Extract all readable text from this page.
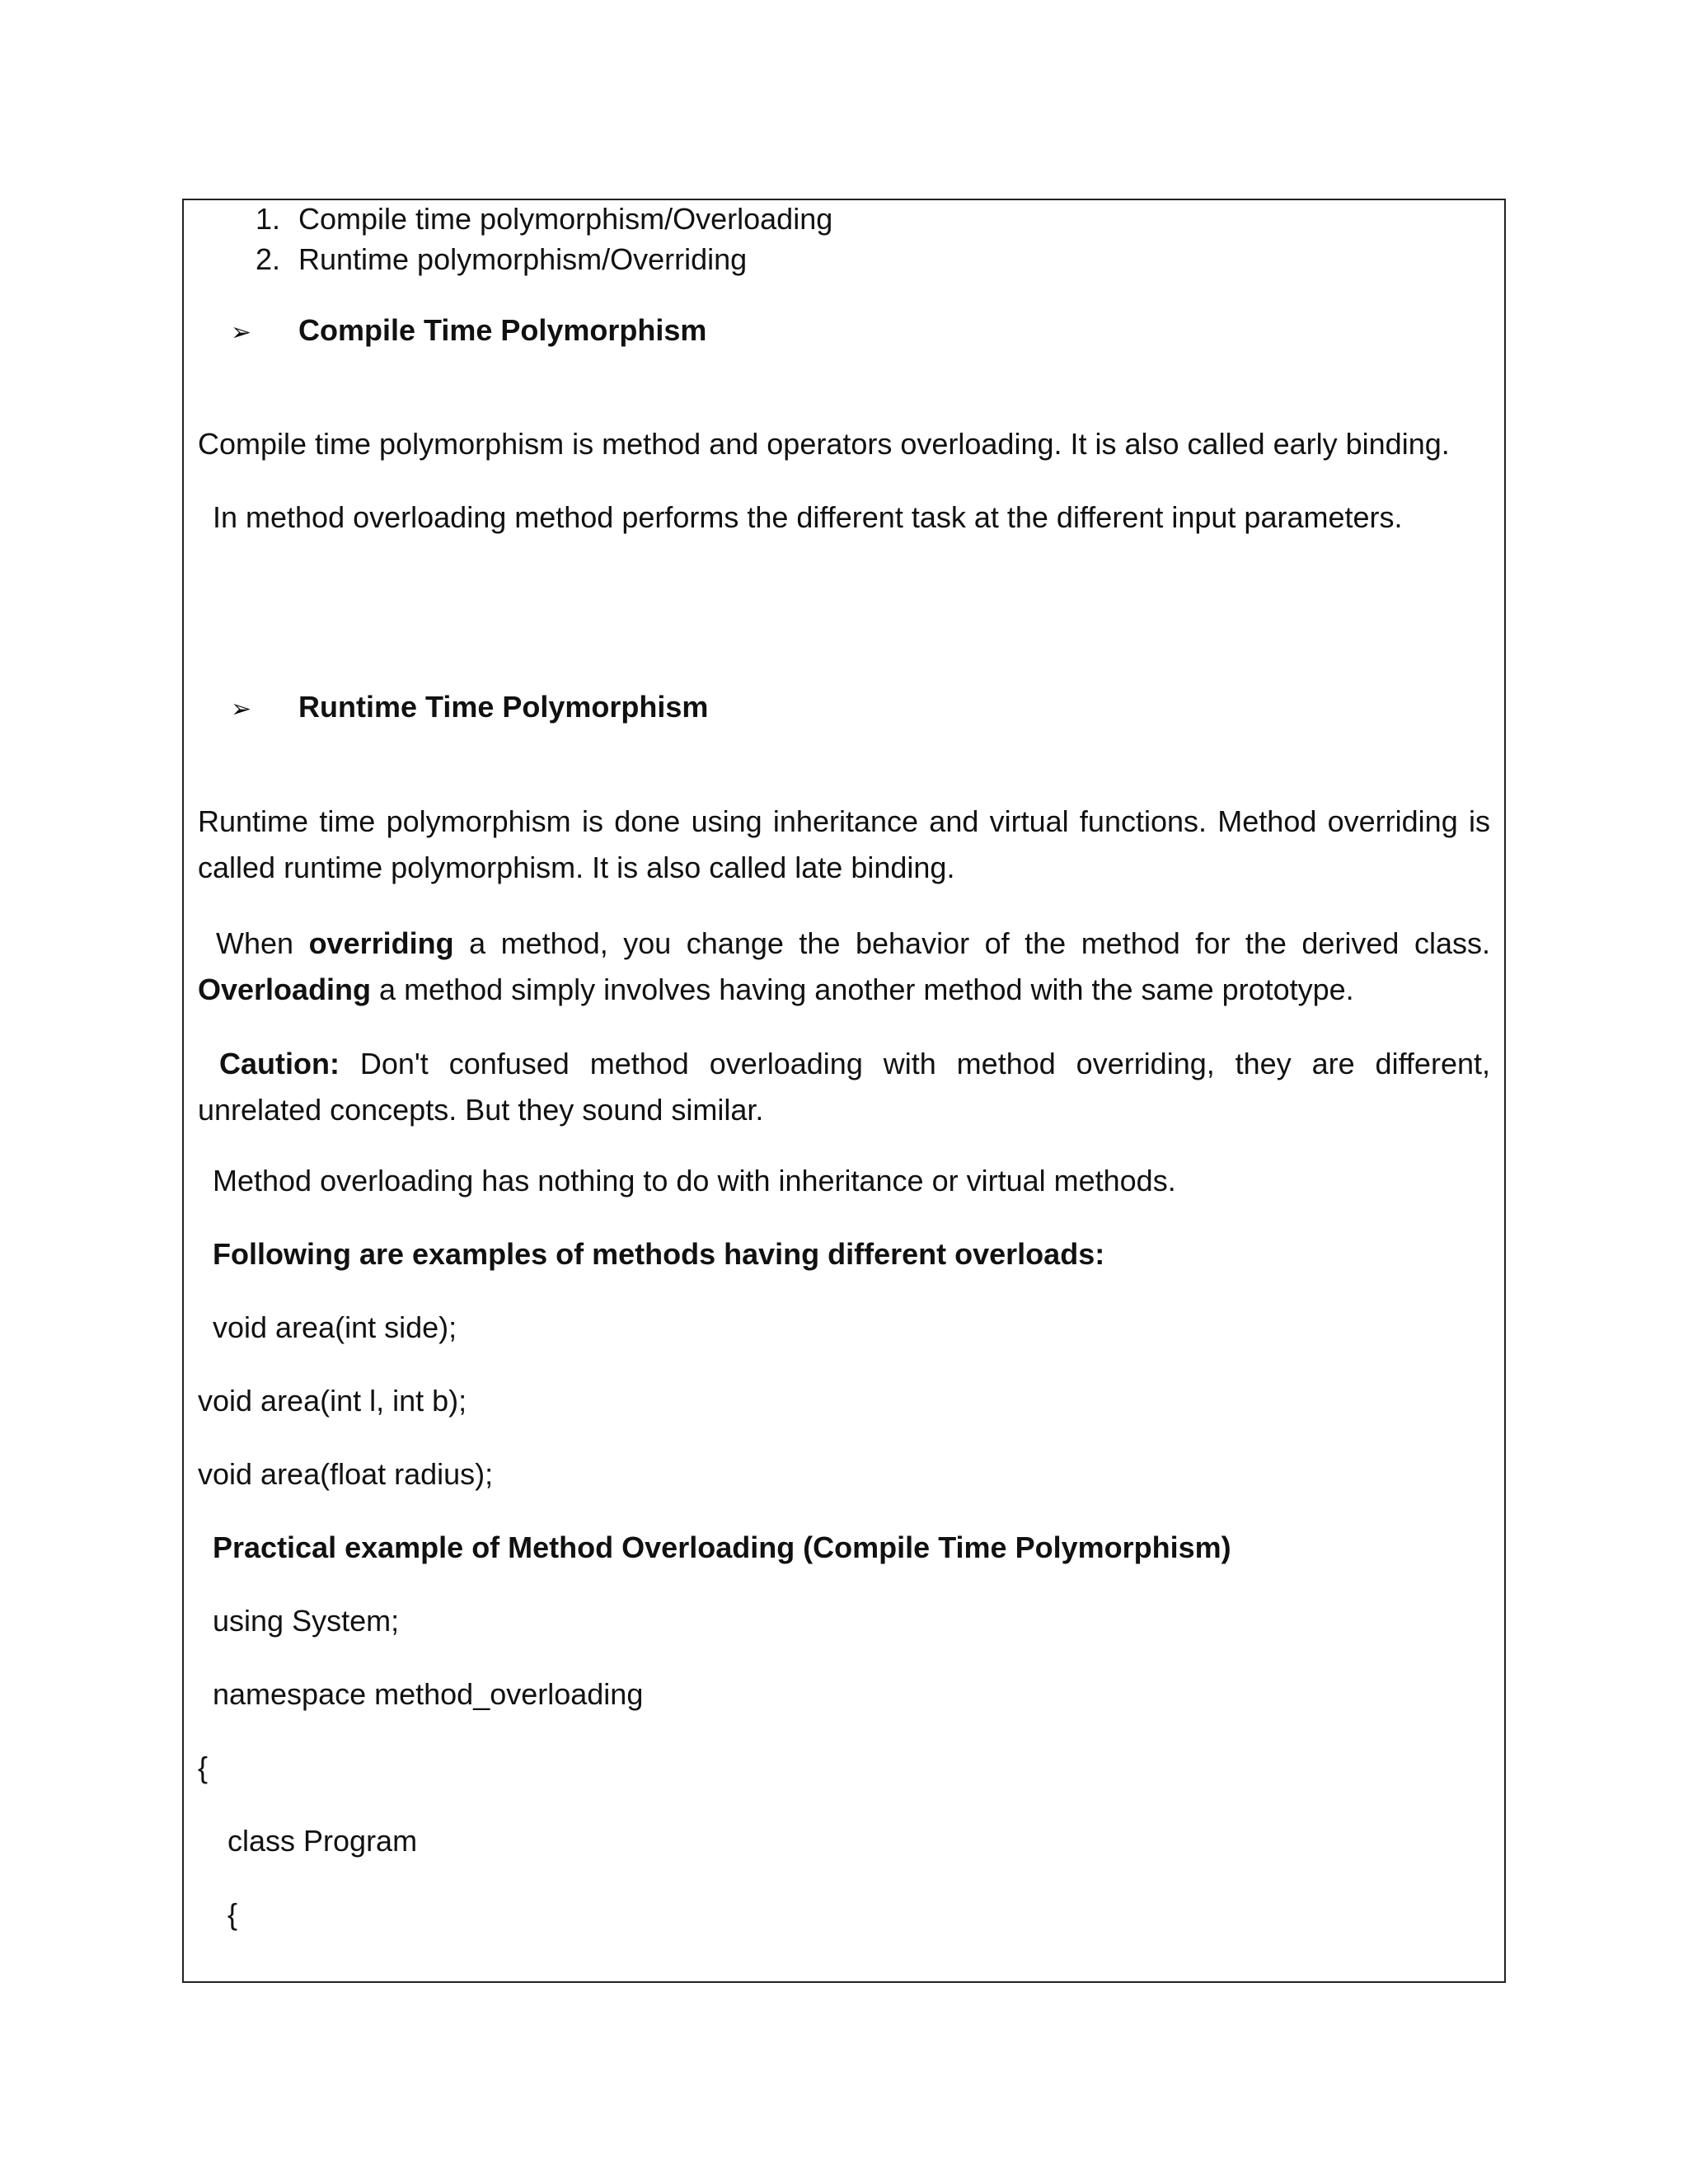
1. Compile time polymorphism/Overloading
2. Runtime polymorphism/Overriding
➢ Compile Time Polymorphism
Compile time polymorphism is method and operators overloading. It is also called early binding.
In method overloading method performs the different task at the different input parameters.
➢ Runtime Time Polymorphism
Runtime time polymorphism is done using inheritance and virtual functions. Method overriding is called runtime polymorphism. It is also called late binding.
When overriding a method, you change the behavior of the method for the derived class. Overloading a method simply involves having another method with the same prototype.
Caution: Don't confused method overloading with method overriding, they are different, unrelated concepts. But they sound similar.
Method overloading has nothing to do with inheritance or virtual methods.
Following are examples of methods having different overloads:
void area(int side);
void area(int l, int b);
void area(float radius);
Practical example of Method Overloading (Compile Time Polymorphism)
using System;
namespace method_overloading
{
class Program
{
